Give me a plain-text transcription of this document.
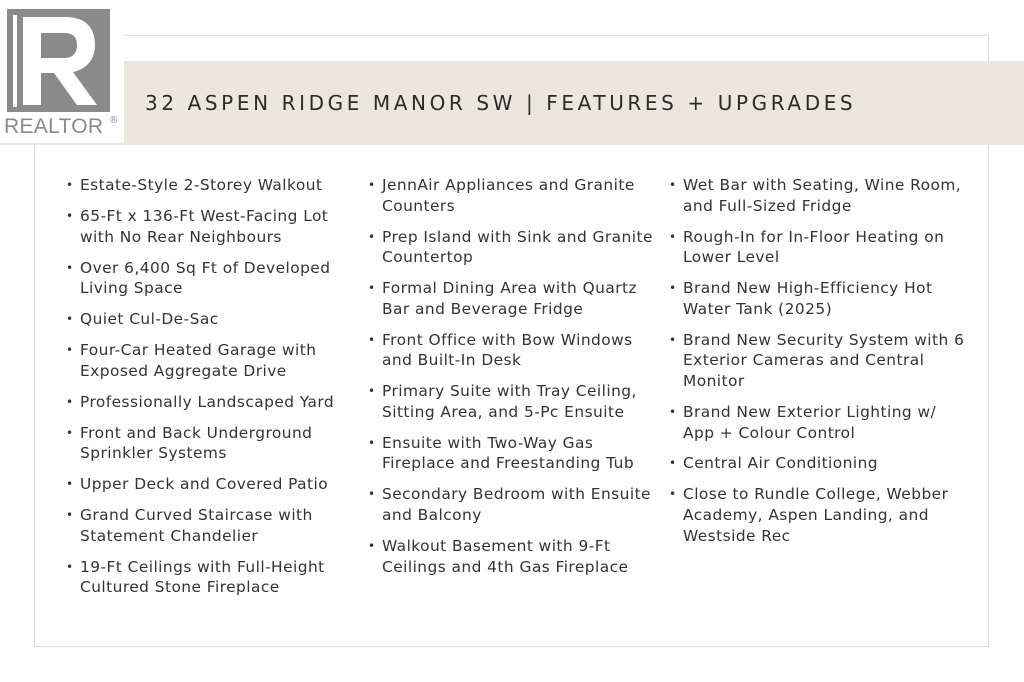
32 ASPEN RIDGE MANOR SW | FEATURES + UPGRADES
REALTOR ®
• Estate-Style 2-Storey Walkout
• 65-Ft x 136-Ft West-Facing Lot with No Rear Neighbours
• Over 6,400 Sq Ft of Developed Living Space
• Quiet Cul-De-Sac
• Four-Car Heated Garage with Exposed Aggregate Drive
• Professionally Landscaped Yard
• Front and Back Underground Sprinkler Systems
• Upper Deck and Covered Patio
• Grand Curved Staircase with Statement Chandelier
• 19-Ft Ceilings with Full-Height Cultured Stone Fireplace
• JennAir Appliances and Granite Counters
• Prep Island with Sink and Granite Countertop
• Formal Dining Area with Quartz Bar and Beverage Fridge
• Front Office with Bow Windows and Built-In Desk
• Primary Suite with Tray Ceiling, Sitting Area, and 5-Pc Ensuite
• Ensuite with Two-Way Gas Fireplace and Freestanding Tub
• Secondary Bedroom with Ensuite and Balcony
• Walkout Basement with 9-Ft Ceilings and 4th Gas Fireplace
• Wet Bar with Seating, Wine Room, and Full-Sized Fridge
• Rough-In for In-Floor Heating on Lower Level
• Brand New High-Efficiency Hot Water Tank (2025)
• Brand New Security System with 6 Exterior Cameras and Central Monitor
• Brand New Exterior Lighting w/ App + Colour Control
• Central Air Conditioning
• Close to Rundle College, Webber Academy, Aspen Landing, and Westside Rec
